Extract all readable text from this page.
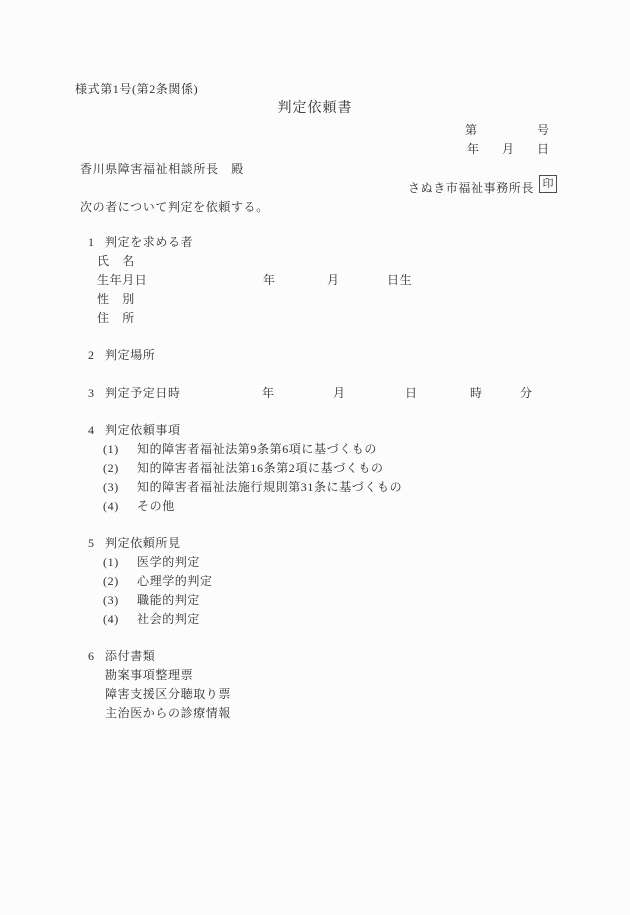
様式第1号(第2条関係)

判定依頼書

第

	号

年

月

日

香川県障害福祉相談所長　殿

さぬき市福祉事務所長

印

次の者について判定を依頼する。

1

判定を求める者

氏　名

生年月日

	年

	月

	日生

性　別

住　所

2

判定場所

3

判定予定日時

	年

	月

	日

	時

	分

4

判定依頼事項

(1)

知的障害者福祉法第9条第6項に基づくもの

(2)

知的障害者福祉法第16条第2項に基づくもの

(3)

知的障害者福祉法施行規則第31条に基づくもの

(4)

その他

5

判定依頼所見

(1)

医学的判定

(2)

心理学的判定

(3)

職能的判定

(4)

社会的判定

6

添付書類

勘案事項整理票

障害支援区分聴取り票

主治医からの診療情報
